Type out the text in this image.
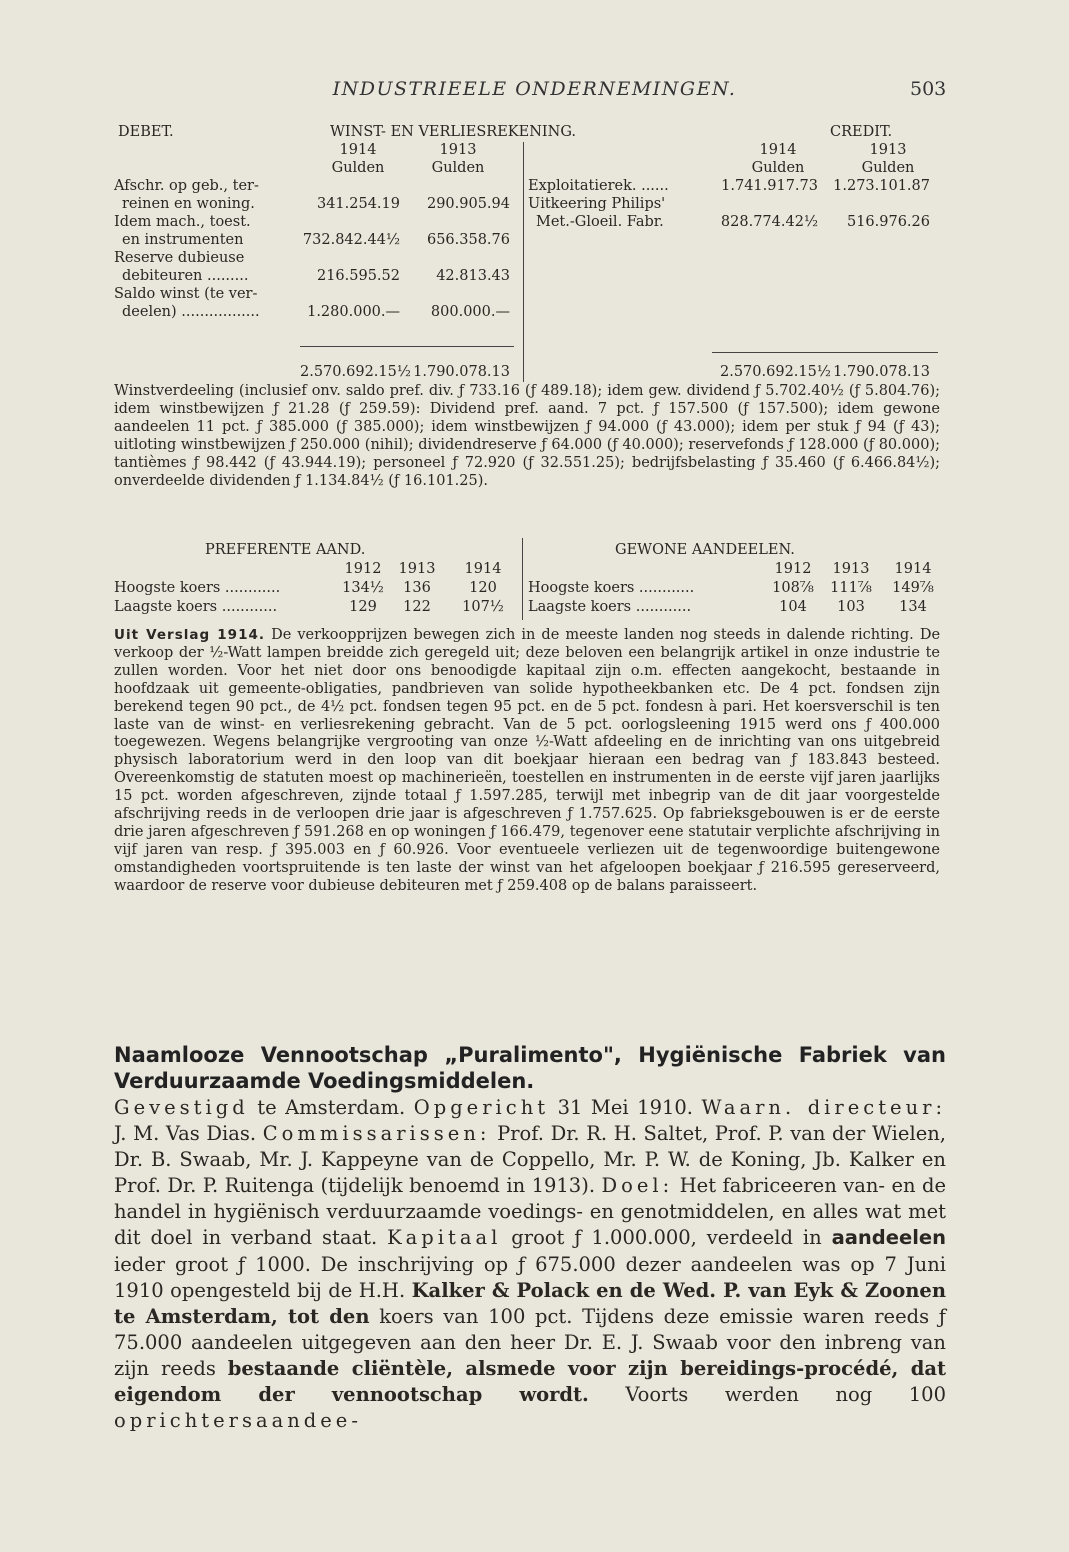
INDUSTRIEELE ONDERNEMINGEN.	503
DEBET.	WINST- EN VERLIESREKENING.	CREDIT.
1914	1913
Gulden	Gulden
1914	1913
Gulden	Gulden
Afschr. op geb., ter-
reinen en woning.	341.254.19	290.905.94
Idem mach., toest.
en instrumenten	732.842.44½	656.358.76
Reserve dubieuse
debiteuren .........	216.595.52	42.813.43
Saldo winst (te ver-
deelen) .................	1.280.000.—	800.000.—
Exploitatierek. ......	1.741.917.73 1.273.101.87
Uitkeering Philips'
Met.-Gloeil. Fabr.	828.774.42½	516.976.26
2.570.692.15½ 1.790.078.13	2.570.692.15½ 1.790.078.13
Winstverdeeling (inclusief onv. saldo pref. div. ƒ 733.16 (ƒ 489.18); idem gew. dividend ƒ 5.702.40½ (ƒ 5.804.76); idem winstbewijzen ƒ 21.28 (ƒ 259.59): Dividend pref. aand. 7 pct. ƒ 157.500 (ƒ 157.500); idem gewone aandeelen 11 pct. ƒ 385.000 (ƒ 385.000); idem winstbewijzen ƒ 94.000 (ƒ 43.000); idem per stuk ƒ 94 (ƒ 43); uitloting winstbewijzen ƒ 250.000 (nihil); dividendreserve ƒ 64.000 (ƒ 40.000); reservefonds ƒ 128.000 (ƒ 80.000); tantièmes ƒ 98.442 (ƒ 43.944.19); personeel ƒ 72.920 (ƒ 32.551.25); bedrijfsbelasting ƒ 35.460 (ƒ 6.466.84½); onverdeelde dividenden ƒ 1.134.84½ (ƒ 16.101.25).
PREFERENTE AAND.	GEWONE AANDEELEN.
1912	1913	1914	1912	1913	1914
Hoogste koers ............	134½	136	120	Hoogste koers ............	108⅞ 111⅞ 149⅞
Laagste koers ............	129	122	107½ Laagste koers ............	104	103	134
Uit Verslag 1914. De verkoopprijzen bewegen zich in de meeste landen nog steeds in dalende richting. De verkoop der ½-Watt lampen breidde zich geregeld uit; deze beloven een belangrijk artikel in onze industrie te zullen worden. Voor het niet door ons benoodigde kapitaal zijn o.m. effecten aangekocht, bestaande in hoofdzaak uit gemeente-obligaties, pandbrieven van solide hypotheekbanken etc. De 4 pct. fondsen zijn berekend tegen 90 pct., de 4½ pct. fondsen tegen 95 pct. en de 5 pct. fondesn à pari. Het koersverschil is ten laste van de winst- en verliesrekening gebracht. Van de 5 pct. oorlogsleening 1915 werd ons ƒ 400.000 toegewezen. Wegens belangrijke vergrooting van onze ½-Watt afdeeling en de inrichting van ons uitgebreid physisch laboratorium werd in den loop van dit boekjaar hieraan een bedrag van ƒ 183.843 besteed. Overeenkomstig de statuten moest op machinerieën, toestellen en instrumenten in de eerste vijf jaren jaarlijks 15 pct. worden afgeschreven, zijnde totaal ƒ 1.597.285, terwijl met inbegrip van de dit jaar voorgestelde afschrijving reeds in de verloopen drie jaar is afgeschreven ƒ 1.757.625. Op fabrieksgebouwen is er de eerste drie jaren afgeschreven ƒ 591.268 en op woningen ƒ 166.479, tegenover eene statutair verplichte afschrijving in vijf jaren van resp. ƒ 395.003 en ƒ 60.926. Voor eventueele verliezen uit de tegenwoordige buitengewone omstandigheden voortspruitende is ten laste der winst van het afgeloopen boekjaar ƒ 216.595 gereserveerd, waardoor de reserve voor dubieuse debiteuren met ƒ 259.408 op de balans paraisseert.
Naamlooze Vennootschap „Puralimento", Hygiënische Fabriek van Verduurzaamde Voedingsmiddelen.
Gevestigd te Amsterdam. Opgericht 31 Mei 1910. Waarn. directeur: J. M. Vas Dias. Commissarissen: Prof. Dr. R. H. Saltet, Prof. P. van der Wielen, Dr. B. Swaab, Mr. J. Kappeyne van de Coppello, Mr. P. W. de Koning, Jb. Kalker en Prof. Dr. P. Ruitenga (tijdelijk benoemd in 1913). Doel: Het fabriceeren van- en de handel in hygiënisch verduurzaamde voedings- en genotmiddelen, en alles wat met dit doel in verband staat. Kapitaal groot ƒ 1.000.000, verdeeld in aandeelen ieder groot ƒ 1000. De inschrijving op ƒ 675.000 dezer aandeelen was op 7 Juni 1910 opengesteld bij de H.H. Kalker & Polack en de Wed. P. van Eyk & Zoonen te Amsterdam, tot den koers van 100 pct. Tijdens deze emissie waren reeds ƒ 75.000 aandeelen uitgegeven aan den heer Dr. E. J. Swaab voor den inbreng van zijn reeds bestaande cliëntèle, alsmede voor zijn bereidings-procédé, dat eigendom der vennootschap wordt. Voorts werden nog 100 oprichtersaandee-
